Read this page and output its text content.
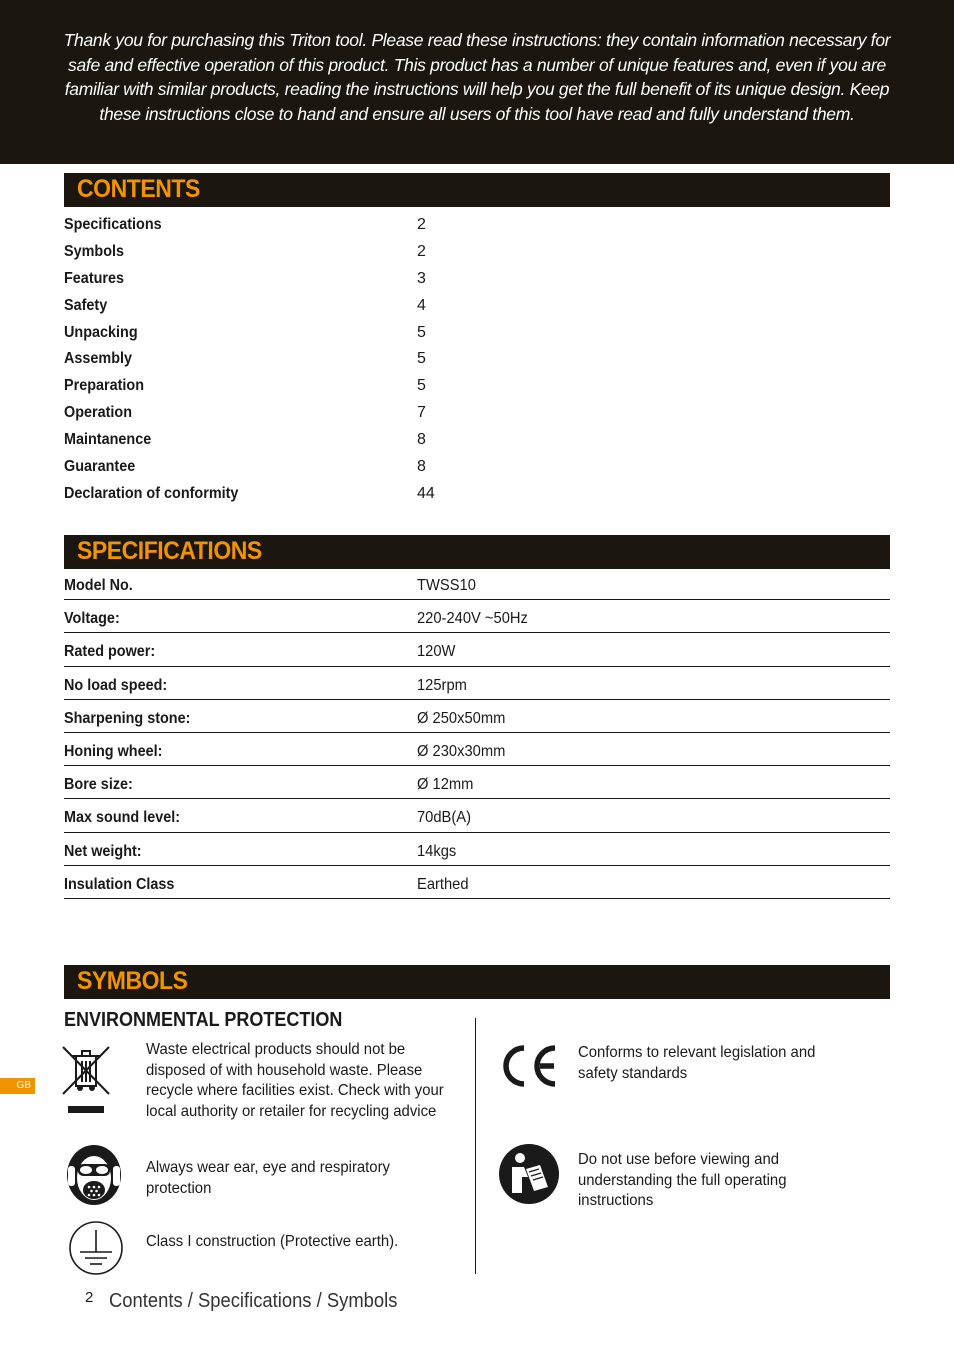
Thank you for purchasing this Triton tool. Please read these instructions: they contain information necessary for safe and effective operation of this product. This product has a number of unique features and, even if you are familiar with similar products, reading the instructions will help you get the full benefit of its unique design. Keep these instructions close to hand and ensure all users of this tool have read and fully understand them.
CONTENTS
Specifications	2
Symbols	2
Features	3
Safety	4
Unpacking	5
Assembly	5
Preparation	5
Operation	7
Maintanence	8
Guarantee	8
Declaration of conformity	44
SPECIFICATIONS
Model No.	TWSS10
Voltage:	220-240V ~50Hz
Rated power:	120W
No load speed:	125rpm
Sharpening stone:	Ø 250x50mm
Honing wheel:	Ø 230x30mm
Bore size:	Ø 12mm
Max sound level:	70dB(A)
Net weight:	14kgs
Insulation Class	Earthed
SYMBOLS
ENVIRONMENTAL PROTECTION
Waste electrical products should not be disposed of with household waste. Please recycle where facilities exist. Check with your local authority or retailer for recycling advice
Always wear ear, eye and respiratory protection
Class I construction (Protective earth).
Conforms to relevant legislation and safety standards
Do not use before viewing and understanding the full operating instructions
GB
2 Contents / Specifications / Symbols
